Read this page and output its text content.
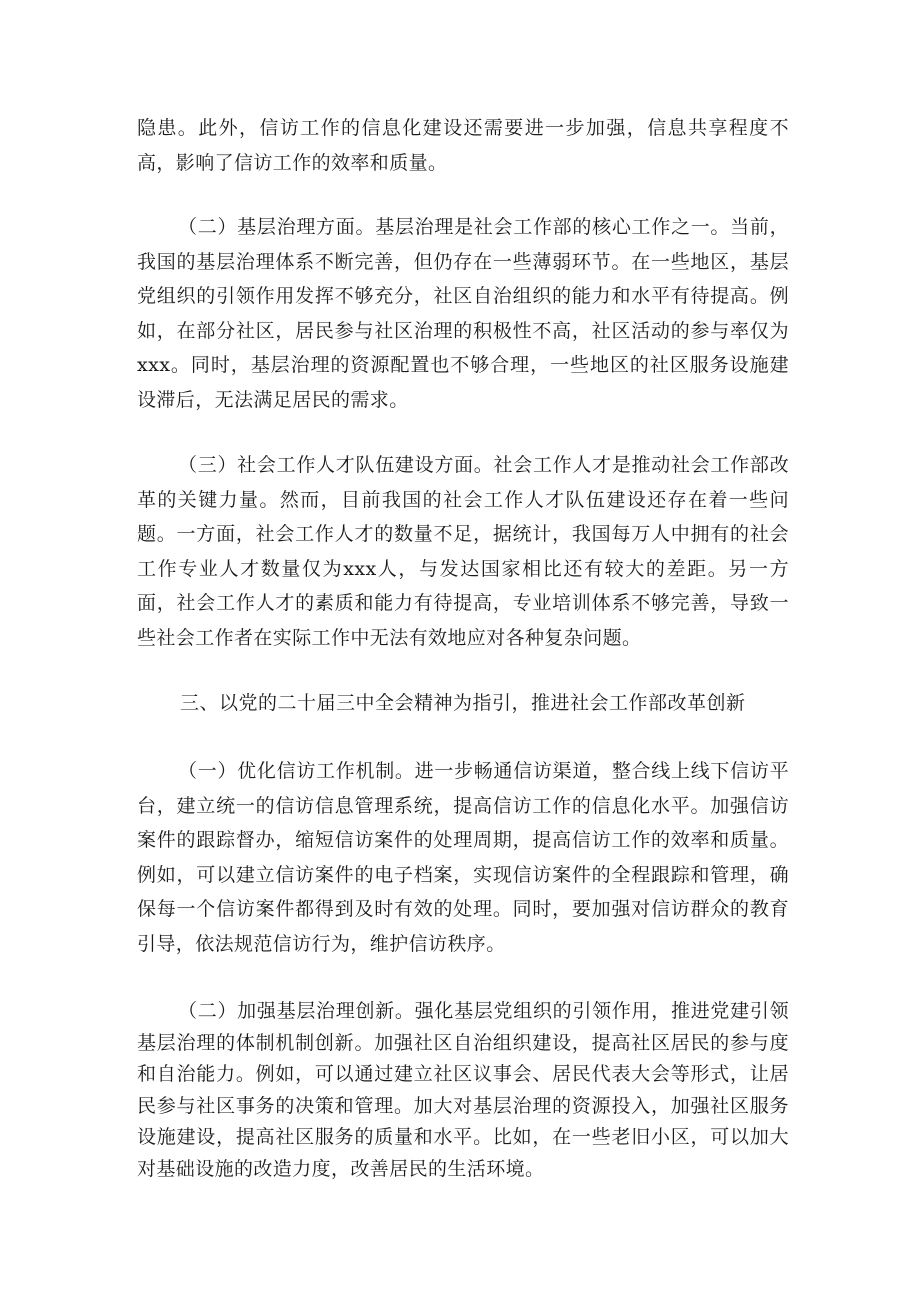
隐患。此外，信访工作的信息化建设还需要进一步加强，信息共享程度不高，影响了信访工作的效率和质量。

（二）基层治理方面。基层治理是社会工作部的核心工作之一。当前，我国的基层治理体系不断完善，但仍存在一些薄弱环节。在一些地区，基层党组织的引领作用发挥不够充分，社区自治组织的能力和水平有待提高。例如，在部分社区，居民参与社区治理的积极性不高，社区活动的参与率仅为xxx。同时，基层治理的资源配置也不够合理，一些地区的社区服务设施建设滞后，无法满足居民的需求。

（三）社会工作人才队伍建设方面。社会工作人才是推动社会工作部改革的关键力量。然而，目前我国的社会工作人才队伍建设还存在着一些问题。一方面，社会工作人才的数量不足，据统计，我国每万人中拥有的社会工作专业人才数量仅为xxx人，与发达国家相比还有较大的差距。另一方面，社会工作人才的素质和能力有待提高，专业培训体系不够完善，导致一些社会工作者在实际工作中无法有效地应对各种复杂问题。

三、以党的二十届三中全会精神为指引，推进社会工作部改革创新

（一）优化信访工作机制。进一步畅通信访渠道，整合线上线下信访平台，建立统一的信访信息管理系统，提高信访工作的信息化水平。加强信访案件的跟踪督办，缩短信访案件的处理周期，提高信访工作的效率和质量。例如，可以建立信访案件的电子档案，实现信访案件的全程跟踪和管理，确保每一个信访案件都得到及时有效的处理。同时，要加强对信访群众的教育引导，依法规范信访行为，维护信访秩序。

（二）加强基层治理创新。强化基层党组织的引领作用，推进党建引领基层治理的体制机制创新。加强社区自治组织建设，提高社区居民的参与度和自治能力。例如，可以通过建立社区议事会、居民代表大会等形式，让居民参与社区事务的决策和管理。加大对基层治理的资源投入，加强社区服务设施建设，提高社区服务的质量和水平。比如，在一些老旧小区，可以加大对基础设施的改造力度，改善居民的生活环境。
